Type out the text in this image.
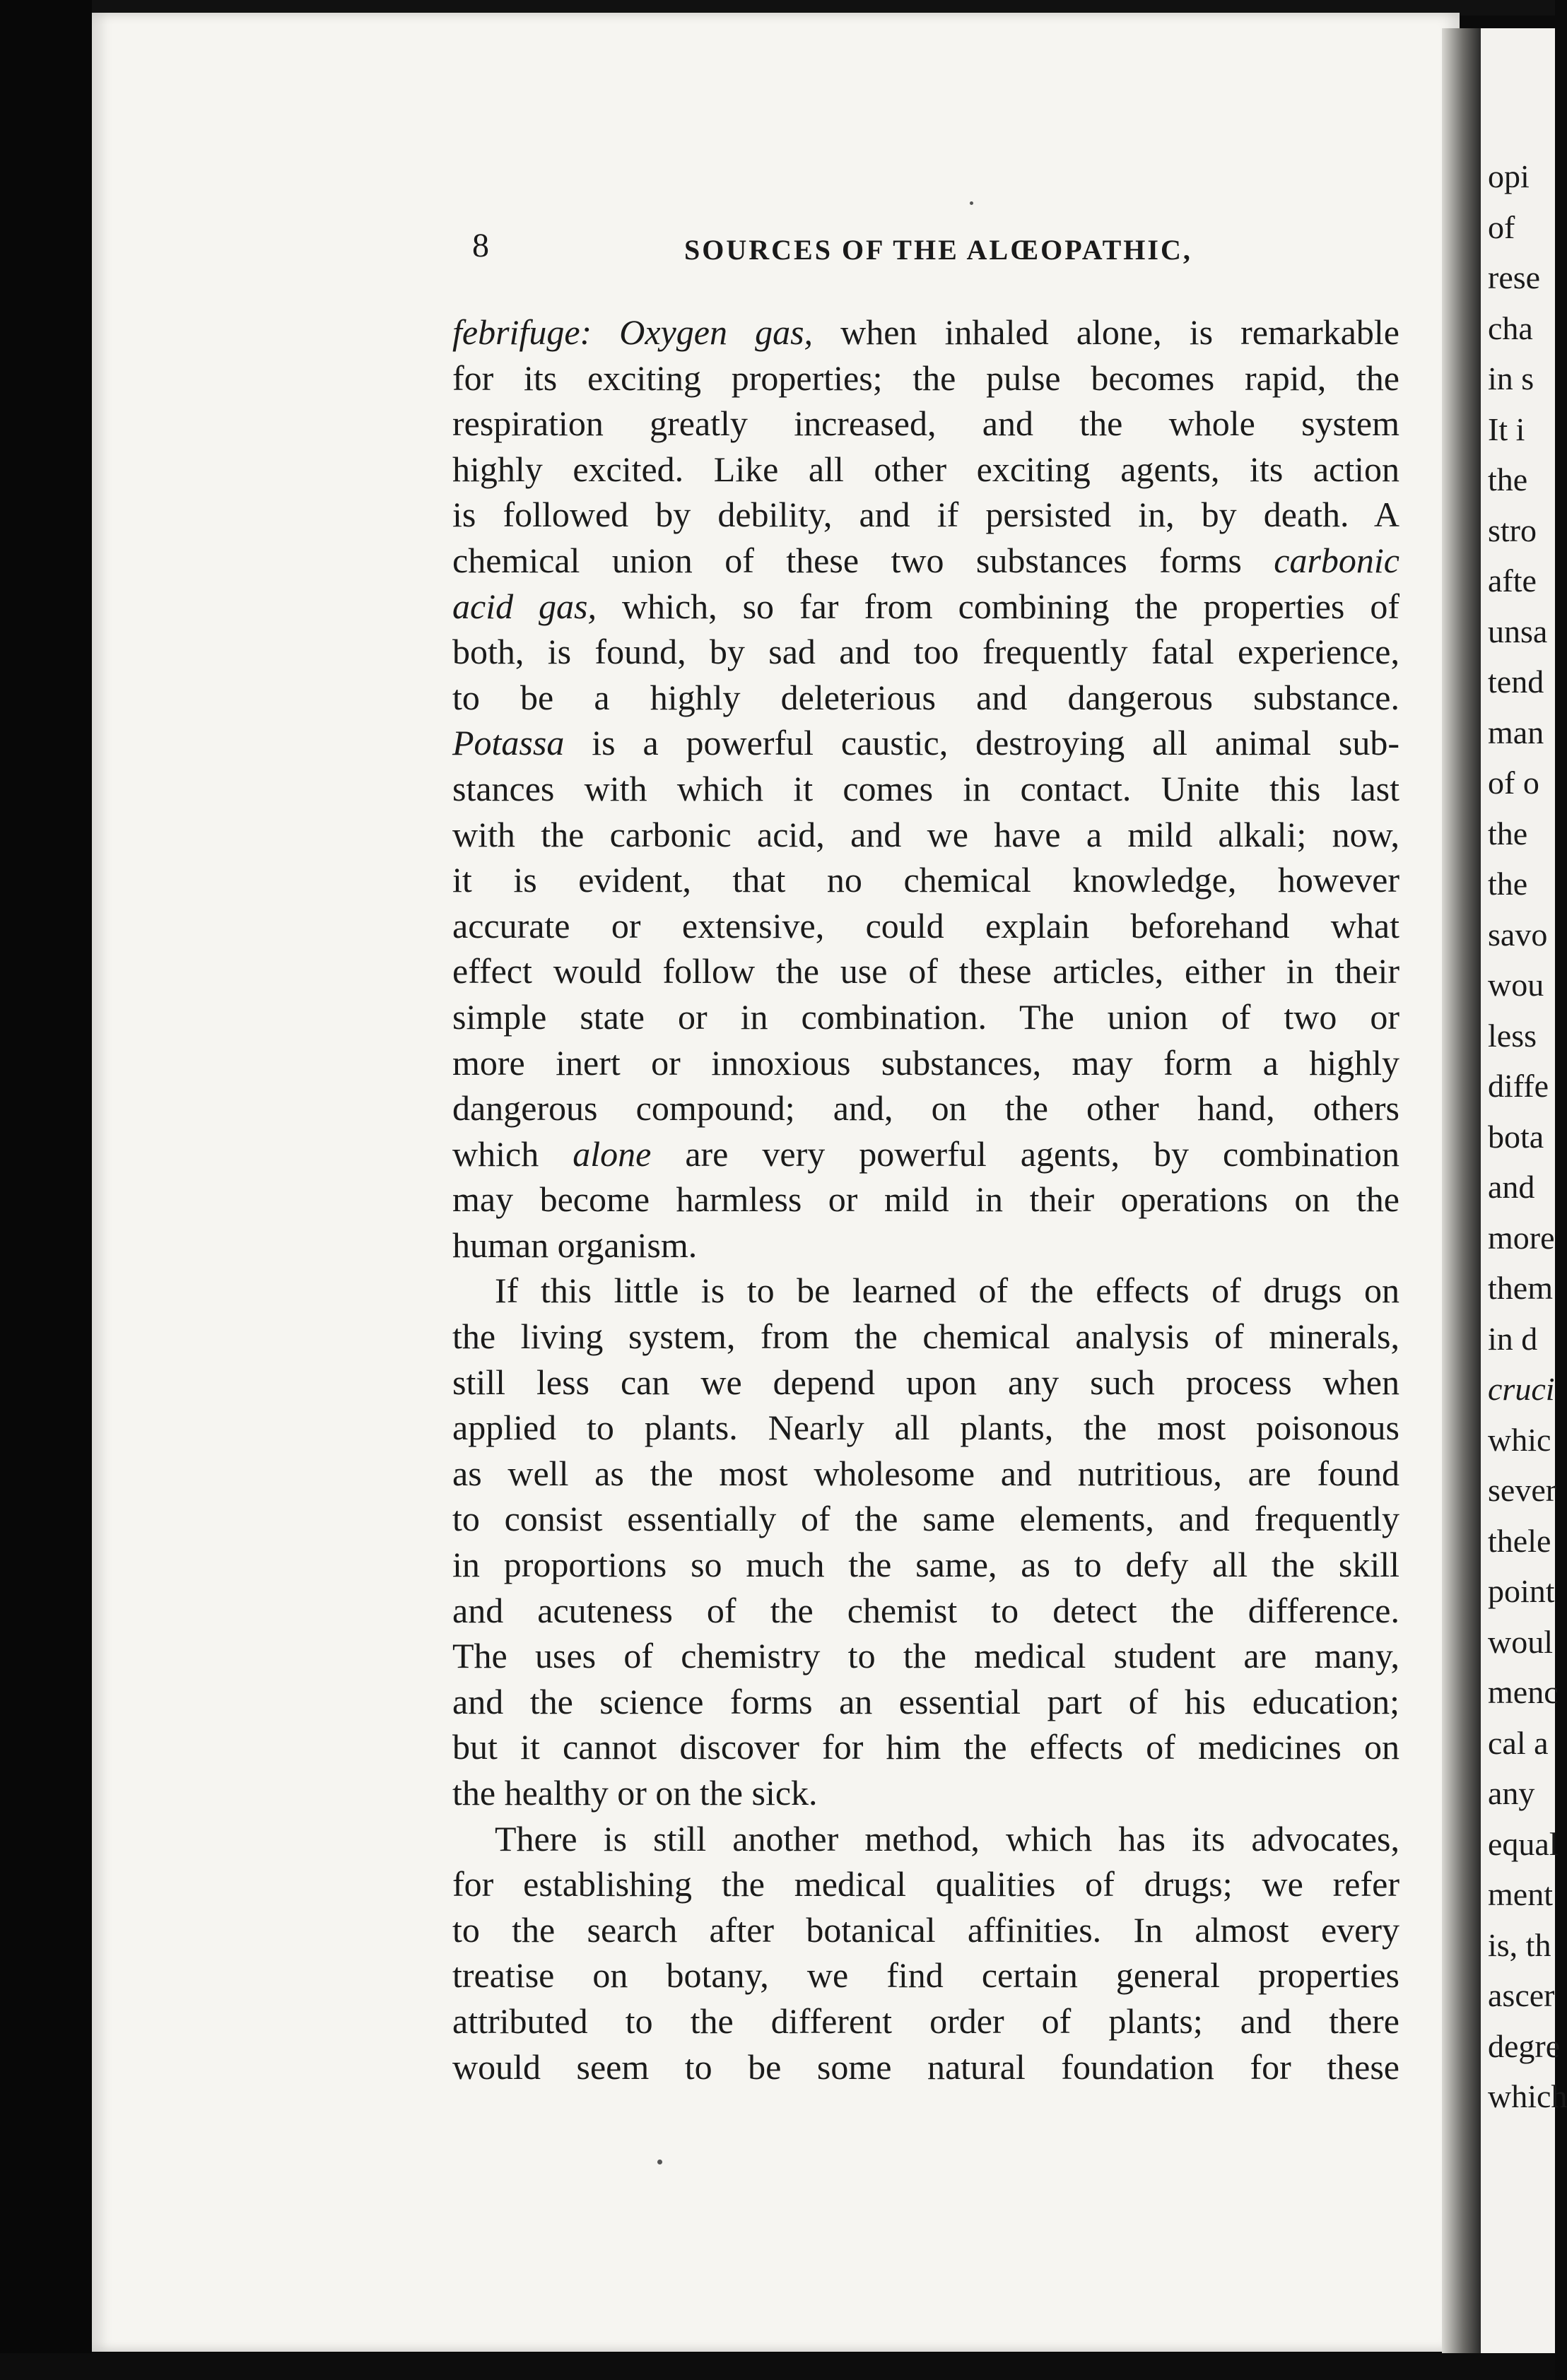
opi
of
rese
cha
in s
It i
the
stro
afte
unsa
tend
man
of o
the
the
savo
wou
less
diffe
bota
and
more
them
in d
cruci
whic
sever
thele
point
woul
menc
cal a
any
equal
ment
is, th
ascer
degre
which
8	SOURCES OF THE ALŒOPATHIC,
febrifuge: Oxygen gas, when inhaled alone, is remarkable
for its exciting properties; the pulse becomes rapid, the
respiration greatly increased, and the whole system
highly excited. Like all other exciting agents, its action
is followed by debility, and if persisted in, by death. A
chemical union of these two substances forms carbonic
acid gas, which, so far from combining the properties of
both, is found, by sad and too frequently fatal experience,
to be a highly deleterious and dangerous substance.
Potassa is a powerful caustic, destroying all animal sub-
stances with which it comes in contact. Unite this last
with the carbonic acid, and we have a mild alkali; now,
it is evident, that no chemical knowledge, however
accurate or extensive, could explain beforehand what
effect would follow the use of these articles, either in their
simple state or in combination. The union of two or
more inert or innoxious substances, may form a highly
dangerous compound; and, on the other hand, others
which alone are very powerful agents, by combination
may become harmless or mild in their operations on the
human organism.
If this little is to be learned of the effects of drugs on
the living system, from the chemical analysis of minerals,
still less can we depend upon any such process when
applied to plants. Nearly all plants, the most poisonous
as well as the most wholesome and nutritious, are found
to consist essentially of the same elements, and frequently
in proportions so much the same, as to defy all the skill
and acuteness of the chemist to detect the difference.
The uses of chemistry to the medical student are many,
and the science forms an essential part of his education;
but it cannot discover for him the effects of medicines on
the healthy or on the sick.
There is still another method, which has its advocates,
for establishing the medical qualities of drugs; we refer
to the search after botanical affinities. In almost every
treatise on botany, we find certain general properties
attributed to the different order of plants; and there
would seem to be some natural foundation for these
